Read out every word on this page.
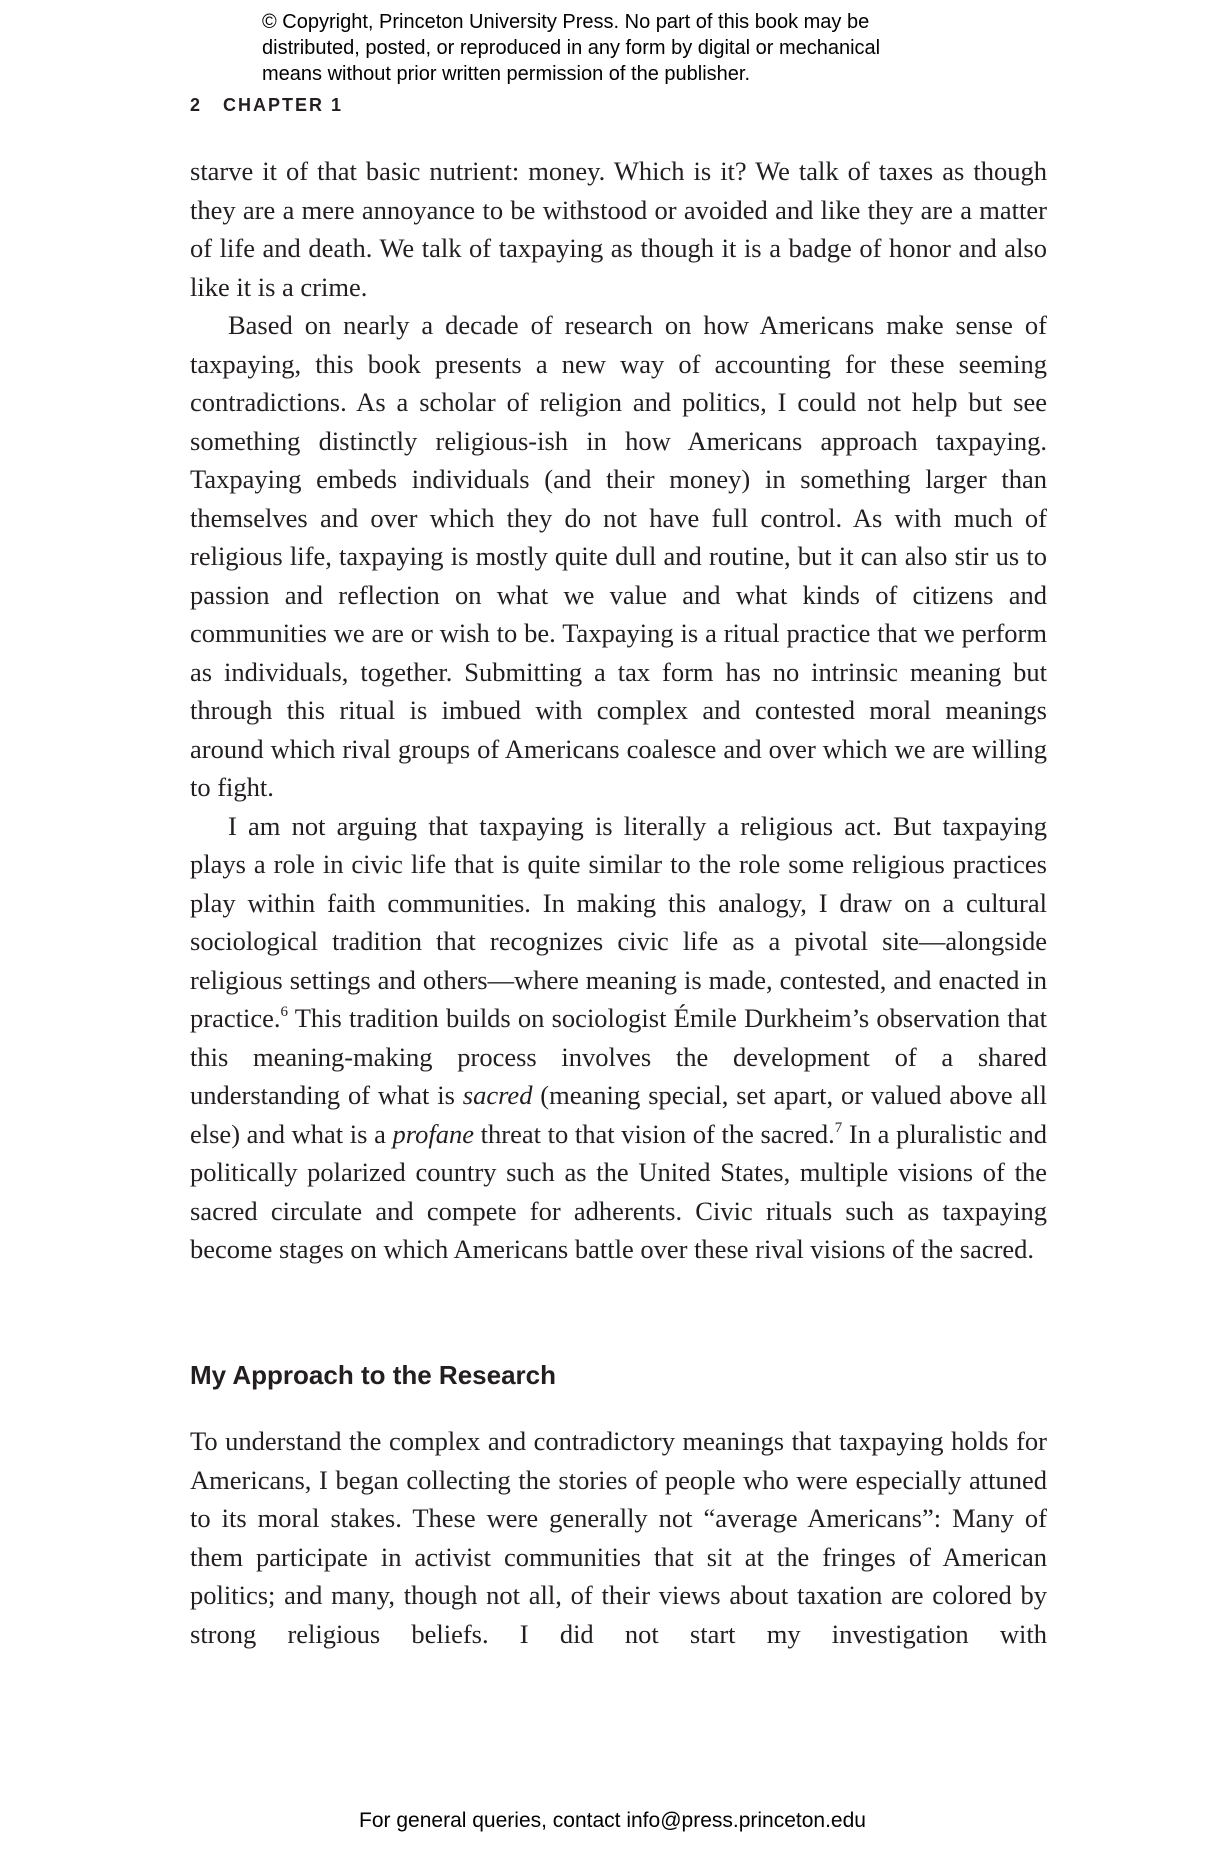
© Copyright, Princeton University Press. No part of this book may be
distributed, posted, or reproduced in any form by digital or mechanical
means without prior written permission of the publisher.
2 CHAPTER 1

starve it of that basic nutrient: money. Which is it? We talk of taxes as though they are a mere annoyance to be withstood or avoided and like they are a matter of life and death. We talk of taxpaying as though it is a badge of honor and also like it is a crime.

Based on nearly a decade of research on how Americans make sense of taxpaying, this book presents a new way of accounting for these seeming contradictions. As a scholar of religion and politics, I could not help but see something distinctly religious-ish in how Americans approach taxpaying. Taxpaying embeds individuals (and their money) in something larger than themselves and over which they do not have full control. As with much of religious life, taxpaying is mostly quite dull and routine, but it can also stir us to passion and reflection on what we value and what kinds of citizens and communities we are or wish to be. Taxpaying is a ritual practice that we perform as individuals, together. Submitting a tax form has no intrinsic meaning but through this ritual is imbued with complex and contested moral meanings around which rival groups of Americans coalesce and over which we are willing to fight.

I am not arguing that taxpaying is literally a religious act. But taxpaying plays a role in civic life that is quite similar to the role some religious practices play within faith communities. In making this analogy, I draw on a cultural sociological tradition that recognizes civic life as a pivotal site—alongside religious settings and others—where meaning is made, contested, and enacted in practice.$^6$ This tradition builds on sociologist Émile Durkheim’s observation that this meaning-making process involves the development of a shared understanding of what is sacred (meaning special, set apart, or valued above all else) and what is a profane threat to that vision of the sacred.$^7$ In a pluralistic and politically polarized country such as the United States, multiple visions of the sacred circulate and compete for adherents. Civic rituals such as taxpaying become stages on which Americans battle over these rival visions of the sacred.

My Approach to the Research

To understand the complex and contradictory meanings that taxpaying holds for Americans, I began collecting the stories of people who were especially attuned to its moral stakes. These were generally not “average Americans”: Many of them participate in activist communities that sit at the fringes of American politics; and many, though not all, of their views about taxation are colored by strong religious beliefs. I did not start my investigation with

For general queries, contact info@press.princeton.edu
